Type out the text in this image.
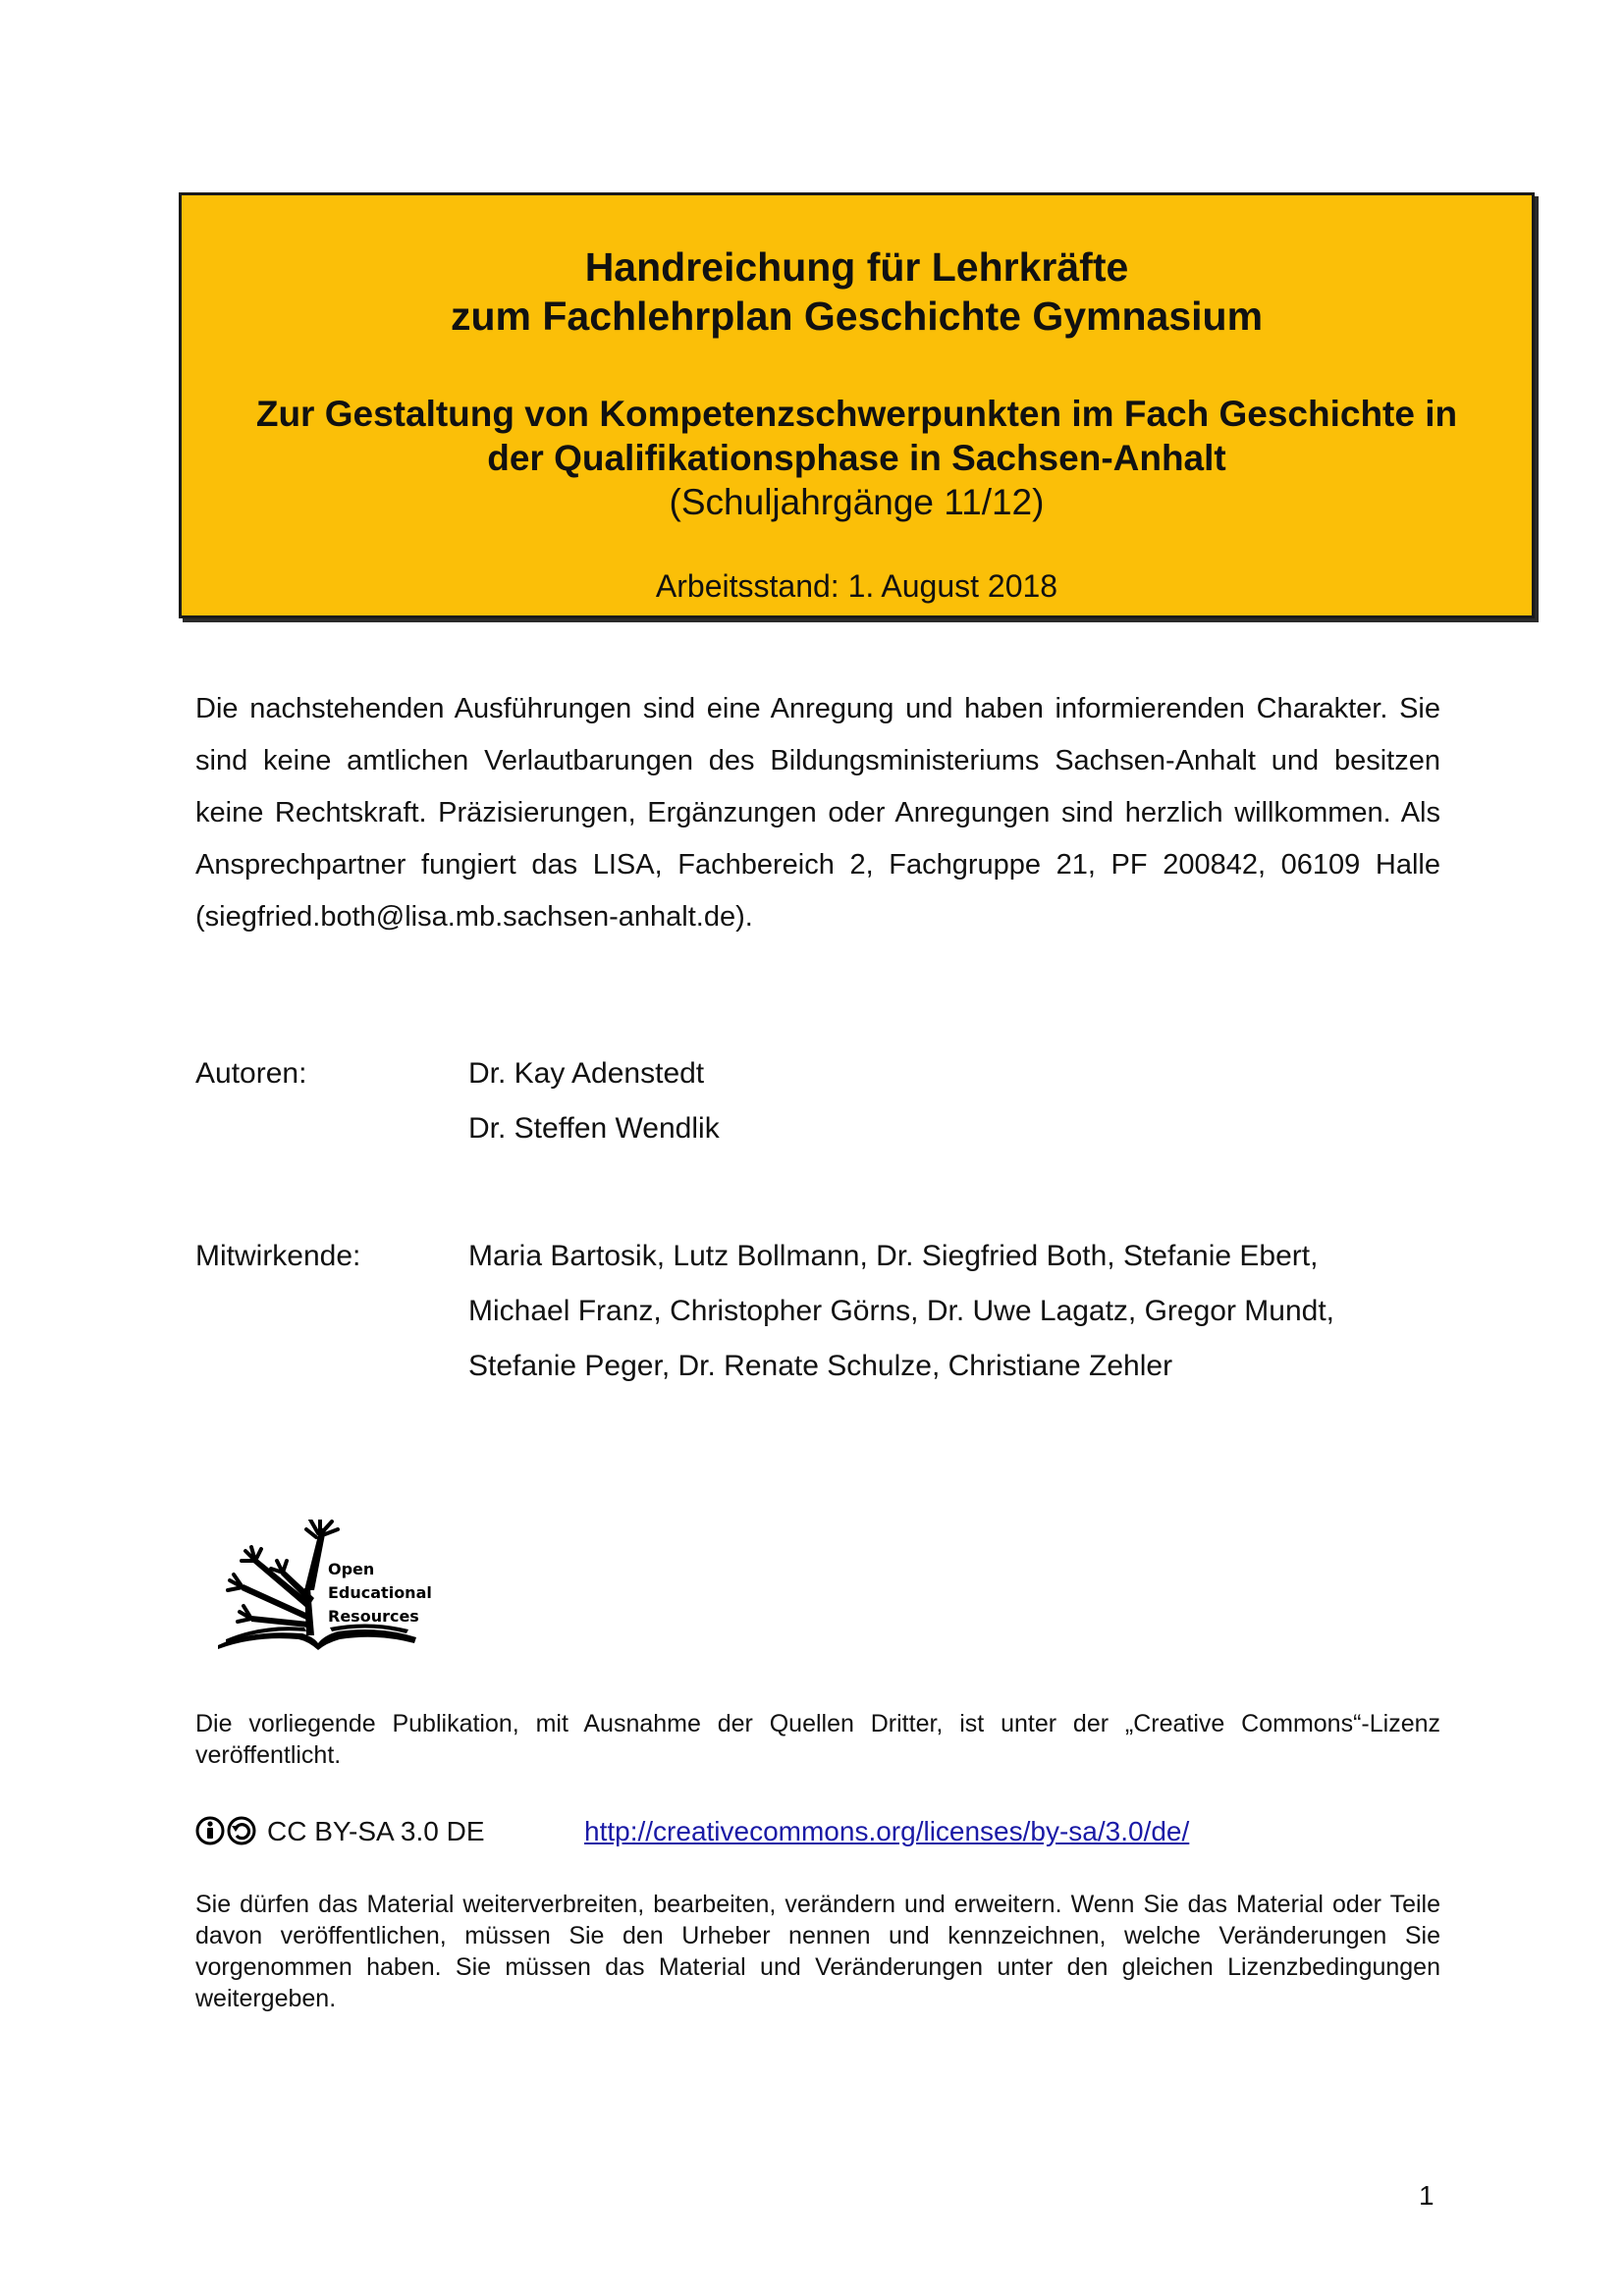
Handreichung für Lehrkräfte
zum Fachlehrplan Geschichte Gymnasium
Zur Gestaltung von Kompetenzschwerpunkten im Fach Geschichte in
der Qualifikationsphase in Sachsen-Anhalt
(Schuljahrgänge 11/12)
Arbeitsstand: 1. August 2018
Die nachstehenden Ausführungen sind eine Anregung und haben informierenden Charakter. Sie sind keine amtlichen Verlautbarungen des Bildungsministeriums Sachsen-Anhalt und besitzen keine Rechtskraft. Präzisierungen, Ergänzungen oder Anregungen sind herzlich willkommen. Als Ansprechpartner fungiert das LISA, Fachbereich 2, Fachgruppe 21, PF 200842, 06109 Halle (siegfried.both@lisa.mb.sachsen-anhalt.de).
Autoren:	Dr. Kay Adenstedt
Dr. Steffen Wendlik
Mitwirkende:	Maria Bartosik, Lutz Bollmann, Dr. Siegfried Both, Stefanie Ebert,
Michael Franz, Christopher Görns, Dr. Uwe Lagatz, Gregor Mundt,
Stefanie Peger, Dr. Renate Schulze, Christiane Zehler
Open
Educational
Resources
Die vorliegende Publikation, mit Ausnahme der Quellen Dritter, ist unter der „Creative Commons“-Lizenz veröffentlicht.
CC BY-SA 3.0 DE	http://creativecommons.org/licenses/by-sa/3.0/de/
Sie dürfen das Material weiterverbreiten, bearbeiten, verändern und erweitern. Wenn Sie das Material oder Teile davon veröffentlichen, müssen Sie den Urheber nennen und kennzeichnen, welche Veränderungen Sie vorgenommen haben. Sie müssen das Material und Veränderungen unter den gleichen Lizenzbedingungen weitergeben.
1
